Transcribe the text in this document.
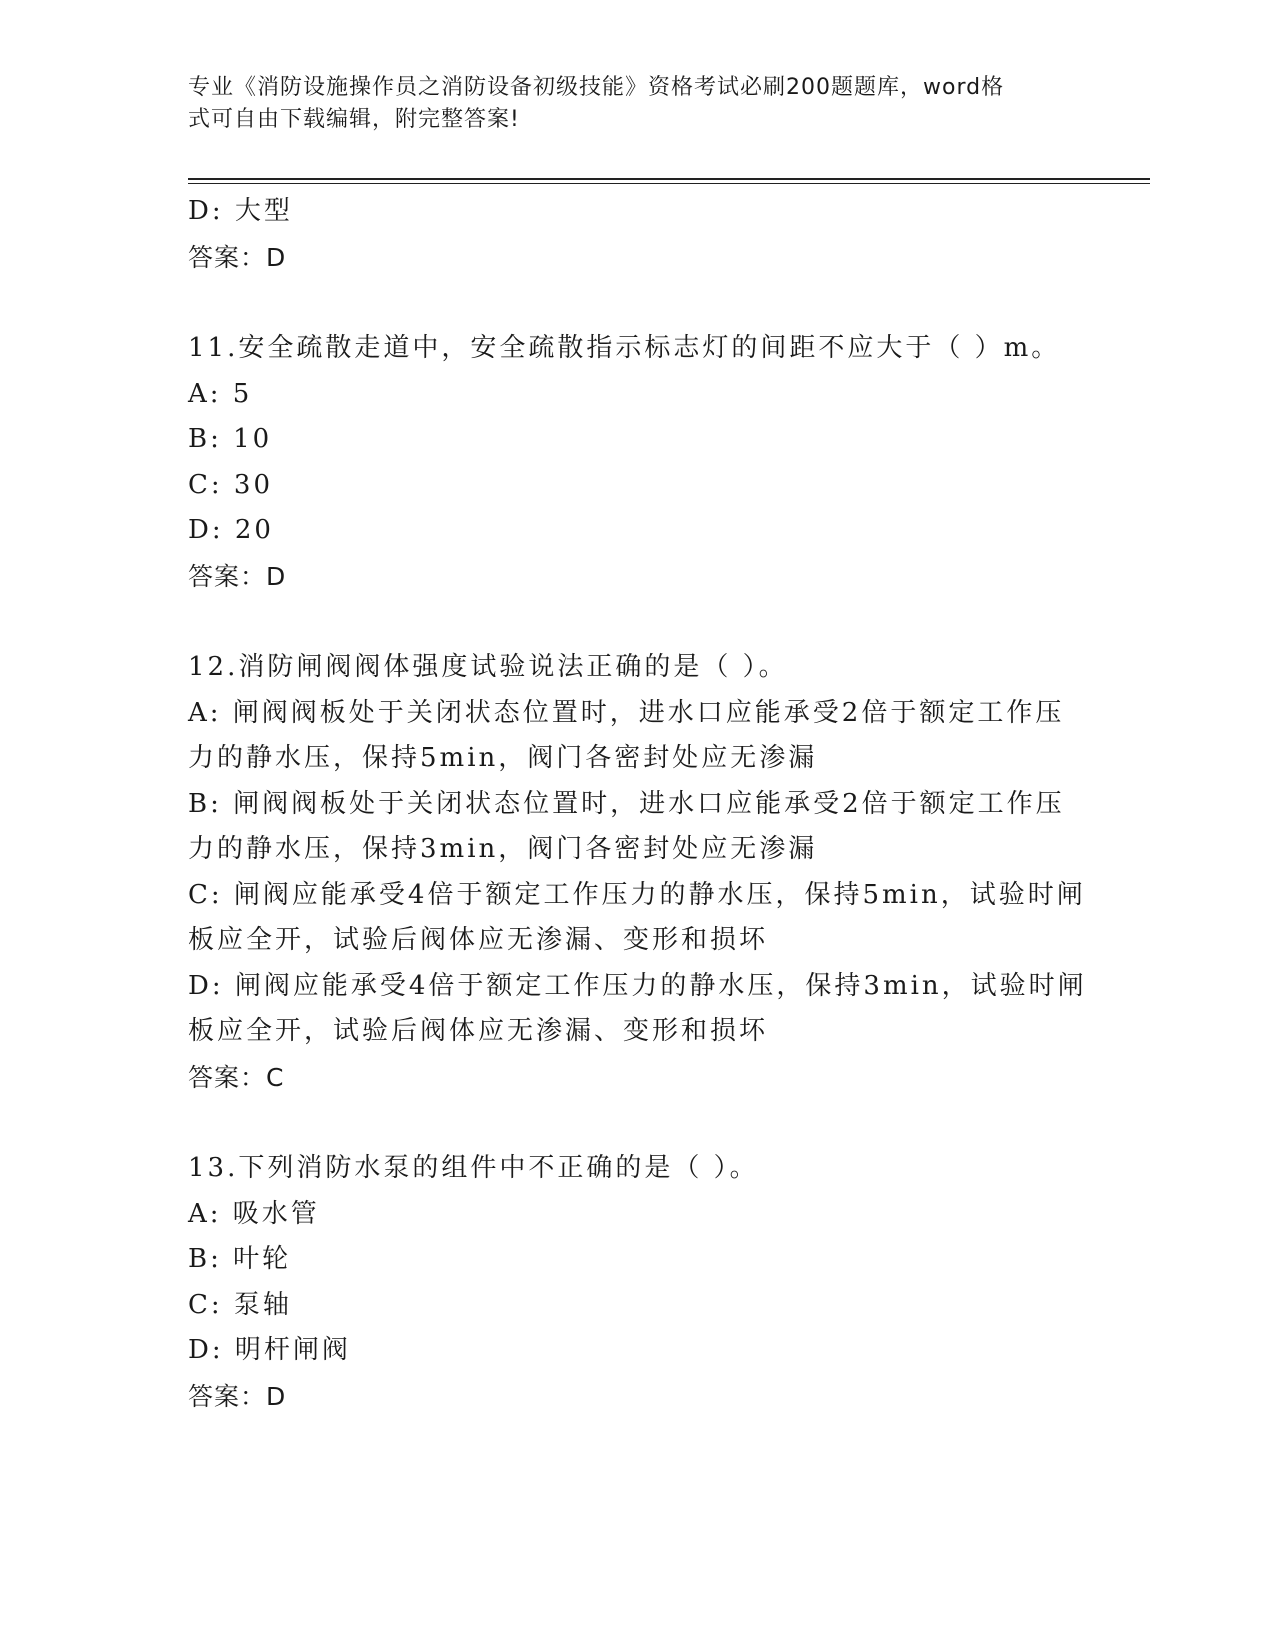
专业《消防设施操作员之消防设备初级技能》资格考试必刷200题题库，word格
式可自由下载编辑，附完整答案!
D: 大型
答案：D
11.安全疏散走道中，安全疏散指示标志灯的间距不应大于（ ）m。
A: 5
B: 10
C: 30
D: 20
答案：D
12.消防闸阀阀体强度试验说法正确的是（ ）。
A: 闸阀阀板处于关闭状态位置时，进水口应能承受2倍于额定工作压
力的静水压，保持5min，阀门各密封处应无渗漏
B: 闸阀阀板处于关闭状态位置时，进水口应能承受2倍于额定工作压
力的静水压，保持3min，阀门各密封处应无渗漏
C: 闸阀应能承受4倍于额定工作压力的静水压，保持5min，试验时闸
板应全开，试验后阀体应无渗漏、变形和损坏
D: 闸阀应能承受4倍于额定工作压力的静水压，保持3min，试验时闸
板应全开，试验后阀体应无渗漏、变形和损坏
答案：C
13.下列消防水泵的组件中不正确的是（ ）。
A: 吸水管
B: 叶轮
C: 泵轴
D: 明杆闸阀
答案：D
